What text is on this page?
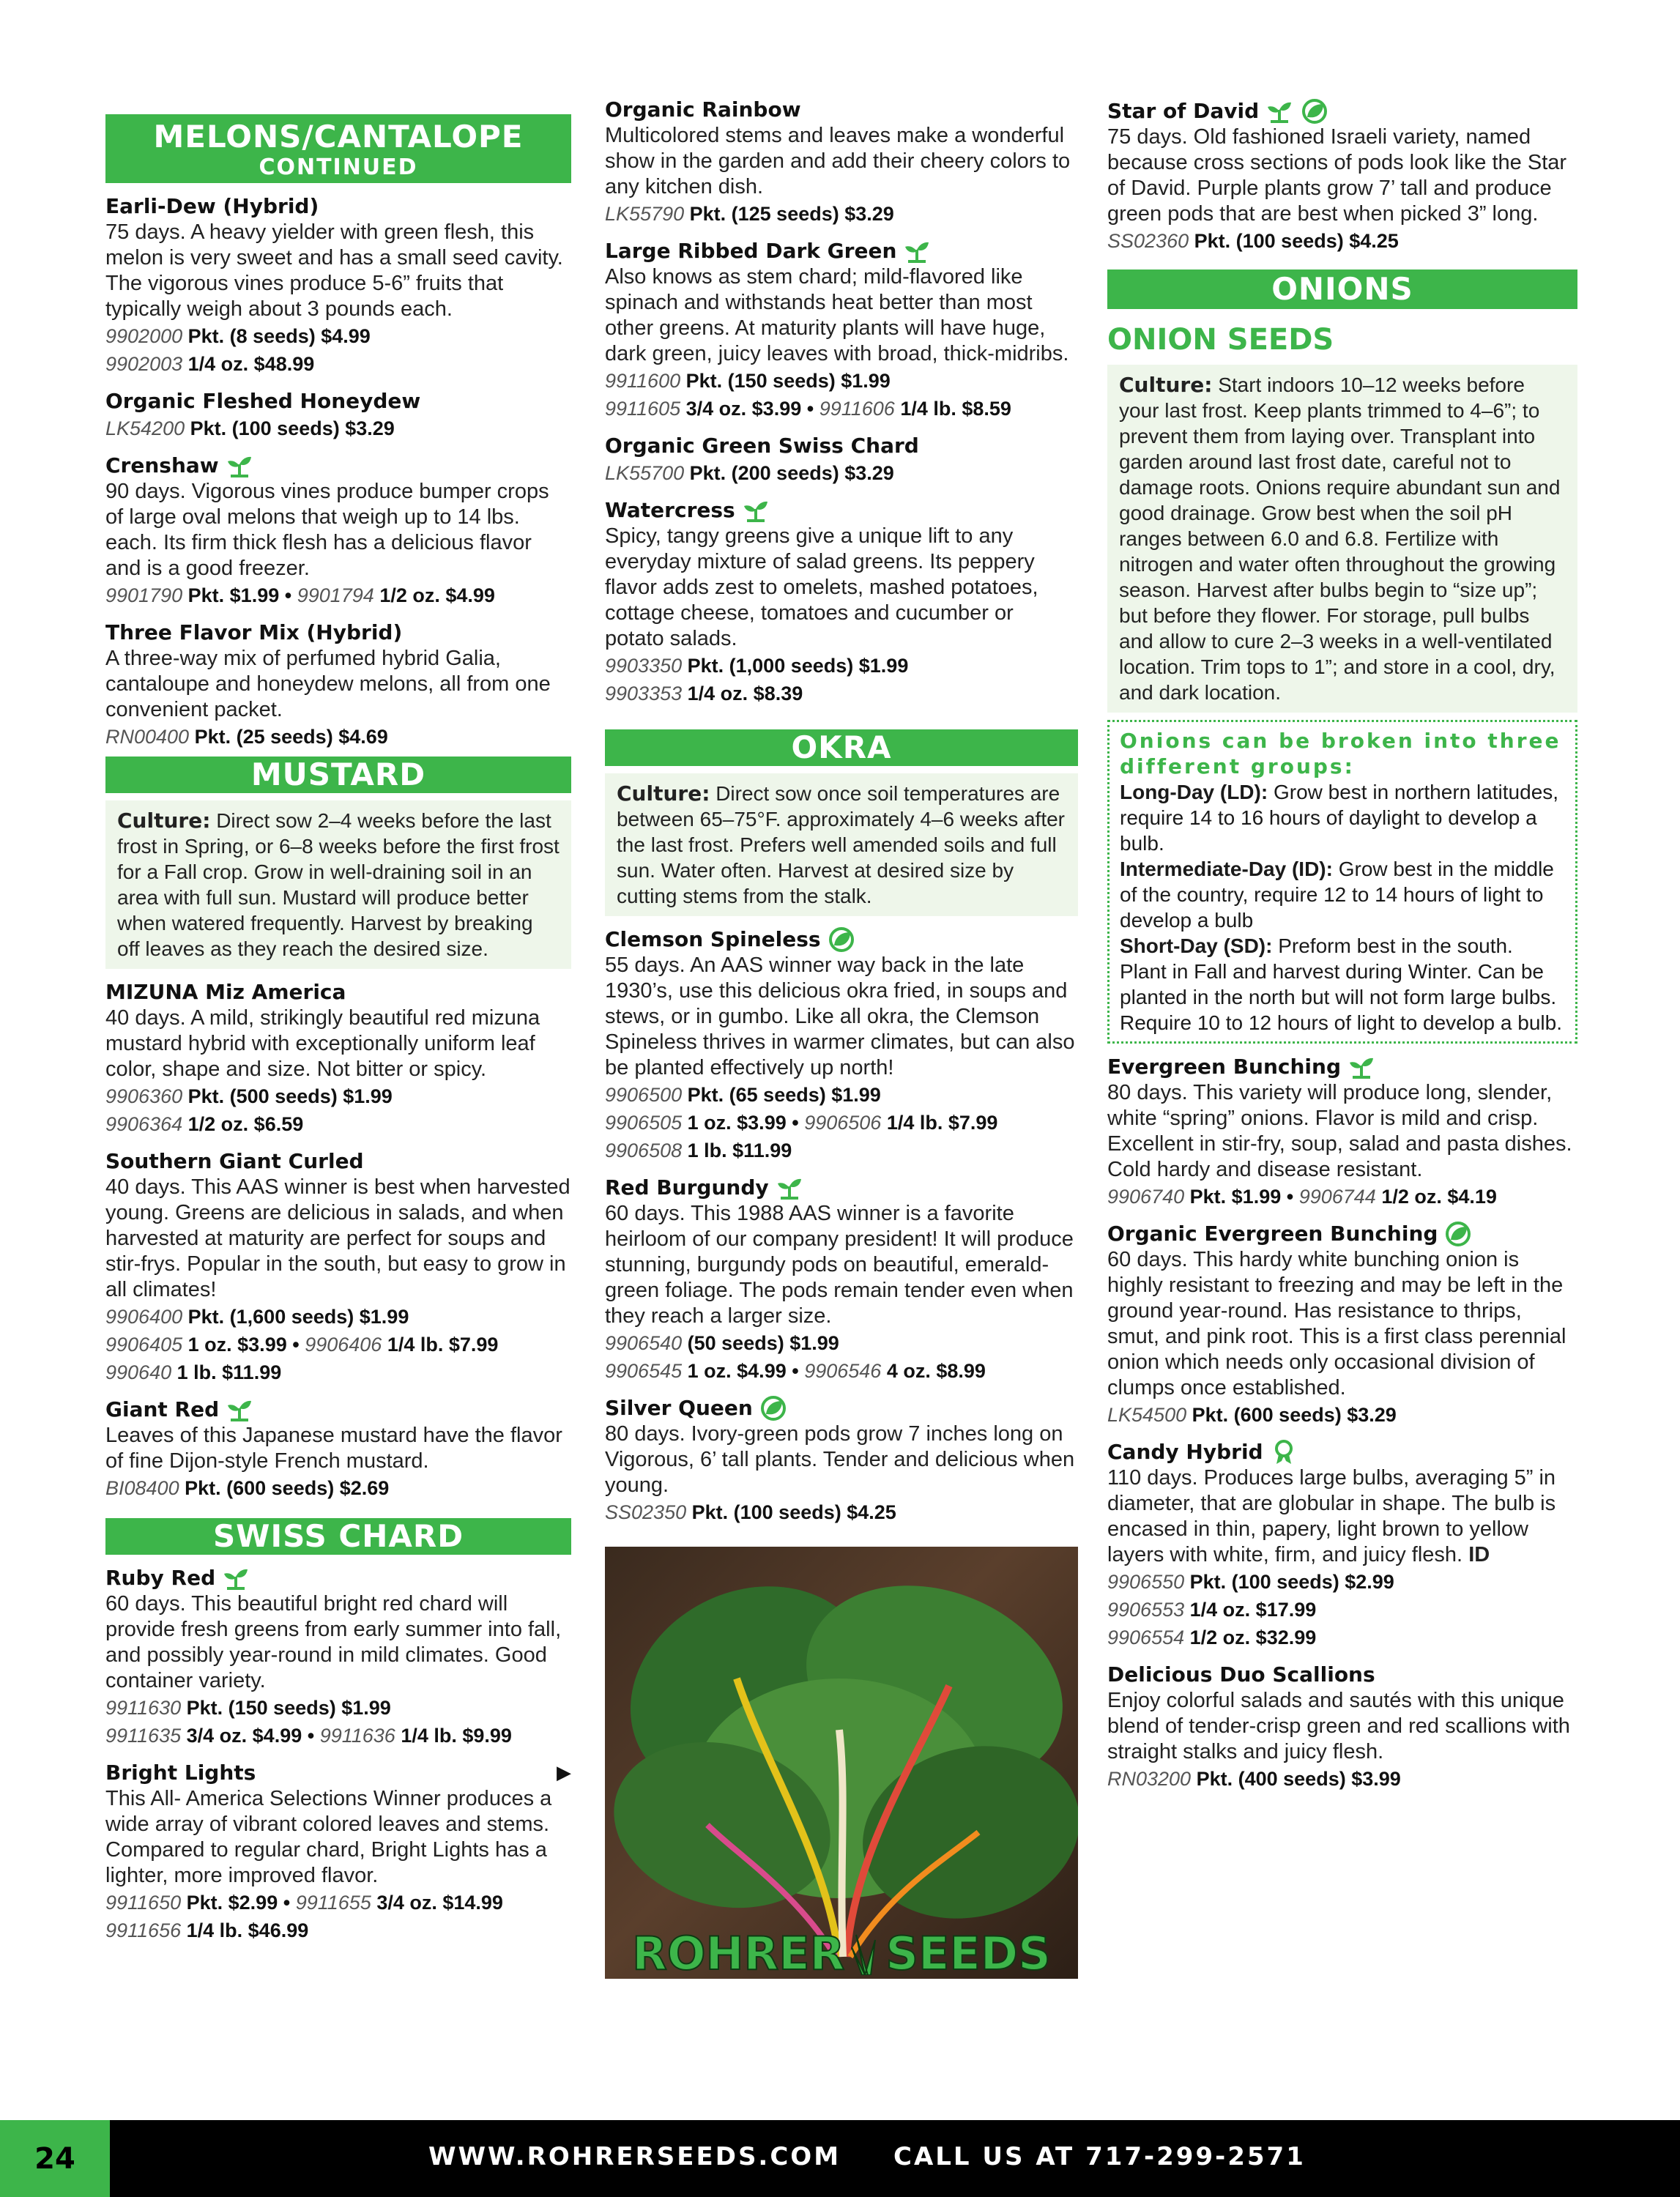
MELONS/CANTALOPE
CONTINUED
Earli-Dew (Hybrid)
75 days. A heavy yielder with green flesh, this melon is very sweet and has a small seed cavity. The vigorous vines produce 5-6” fruits that typically weigh about 3 pounds each.
9902000 Pkt. (8 seeds) $4.99
9902003 1/4 oz. $48.99
Organic Fleshed Honeydew
LK54200 Pkt. (100 seeds) $3.29
Crenshaw
90 days. Vigorous vines produce bumper crops of large oval melons that weigh up to 14 lbs. each. Its firm thick flesh has a delicious flavor and is a good freezer.
9901790 Pkt. $1.99 • 9901794 1/2 oz. $4.99
Three Flavor Mix (Hybrid)
A three-way mix of perfumed hybrid Galia, cantaloupe and honeydew melons, all from one convenient packet.
RN00400 Pkt. (25 seeds) $4.69
MUSTARD
Culture: Direct sow 2–4 weeks before the last frost in Spring, or 6–8 weeks before the first frost for a Fall crop. Grow in well-draining soil in an area with full sun. Mustard will produce better when watered frequently. Harvest by breaking off leaves as they reach the desired size.
MIZUNA Miz America
40 days. A mild, strikingly beautiful red mizuna mustard hybrid with exceptionally uniform leaf color, shape and size. Not bitter or spicy.
9906360 Pkt. (500 seeds) $1.99
9906364 1/2 oz. $6.59
Southern Giant Curled
40 days. This AAS winner is best when harvested young. Greens are delicious in salads, and when harvested at maturity are perfect for soups and stir-frys. Popular in the south, but easy to grow in all climates!
9906400 Pkt. (1,600 seeds) $1.99
9906405 1 oz. $3.99 • 9906406 1/4 lb. $7.99
990640 1 lb. $11.99
Giant Red
Leaves of this Japanese mustard have the flavor of fine Dijon-style French mustard.
BI08400 Pkt. (600 seeds) $2.69
SWISS CHARD
Ruby Red
60 days. This beautiful bright red chard will provide fresh greens from early summer into fall, and possibly year-round in mild climates. Good container variety.
9911630 Pkt. (150 seeds) $1.99
9911635 3/4 oz. $4.99 • 9911636 1/4 lb. $9.99
Bright Lights	▶
This All- America Selections Winner produces a wide array of vibrant colored leaves and stems. Compared to regular chard, Bright Lights has a lighter, more improved flavor.
9911650 Pkt. $2.99 • 9911655 3/4 oz. $14.99
9911656 1/4 lb. $46.99
Organic Rainbow
Multicolored stems and leaves make a wonderful show in the garden and add their cheery colors to any kitchen dish.
LK55790 Pkt. (125 seeds) $3.29
Large Ribbed Dark Green
Also knows as stem chard; mild-flavored like spinach and withstands heat better than most other greens. At maturity plants will have huge, dark green, juicy leaves with broad, thick-midribs.
9911600 Pkt. (150 seeds) $1.99
9911605 3/4 oz. $3.99 • 9911606 1/4 lb. $8.59
Organic Green Swiss Chard
LK55700 Pkt. (200 seeds) $3.29
Watercress
Spicy, tangy greens give a unique lift to any everyday mixture of salad greens. Its peppery flavor adds zest to omelets, mashed potatoes, cottage cheese, tomatoes and cucumber or potato salads.
9903350 Pkt. (1,000 seeds) $1.99
9903353 1/4 oz. $8.39
OKRA
Culture: Direct sow once soil temperatures are between 65–75°F. approximately 4–6 weeks after the last frost. Prefers well amended soils and full sun. Water often. Harvest at desired size by cutting stems from the stalk.
Clemson Spineless
55 days. An AAS winner way back in the late 1930’s, use this delicious okra fried, in soups and stews, or in gumbo. Like all okra, the Clemson Spineless thrives in warmer climates, but can also be planted effectively up north!
9906500 Pkt. (65 seeds) $1.99
9906505 1 oz. $3.99 • 9906506 1/4 lb. $7.99
9906508 1 lb. $11.99
Red Burgundy
60 days. This 1988 AAS winner is a favorite heirloom of our company president! It will produce stunning, burgundy pods on beautiful, emerald-green foliage. The pods remain tender even when they reach a larger size.
9906540 (50 seeds) $1.99
9906545 1 oz. $4.99 • 9906546 4 oz. $8.99
Silver Queen
80 days. Ivory-green pods grow 7 inches long on Vigorous, 6’ tall plants. Tender and delicious when young.
SS02350 Pkt. (100 seeds) $4.25
ROHRER SEEDS
Star of David
75 days. Old fashioned Israeli variety, named because cross sections of pods look like the Star of David. Purple plants grow 7’ tall and produce green pods that are best when picked 3” long.
SS02360 Pkt. (100 seeds) $4.25
ONIONS
ONION SEEDS
Culture: Start indoors 10–12 weeks before your last frost. Keep plants trimmed to 4–6”; to prevent them from laying over. Transplant into garden around last frost date, careful not to damage roots. Onions require abundant sun and good drainage. Grow best when the soil pH ranges between 6.0 and 6.8. Fertilize with nitrogen and water often throughout the growing season. Harvest after bulbs begin to “size up”; but before they flower. For storage, pull bulbs and allow to cure 2–3 weeks in a well-ventilated location. Trim tops to 1”; and store in a cool, dry, and dark location.
Onions can be broken into three different groups:
Long-Day (LD): Grow best in northern latitudes, require 14 to 16 hours of daylight to develop a bulb.
Intermediate-Day (ID): Grow best in the middle of the country, require 12 to 14 hours of light to develop a bulb
Short-Day (SD): Preform best in the south. Plant in Fall and harvest during Winter. Can be planted in the north but will not form large bulbs. Require 10 to 12 hours of light to develop a bulb.
Evergreen Bunching
80 days. This variety will produce long, slender, white “spring” onions. Flavor is mild and crisp. Excellent in stir-fry, soup, salad and pasta dishes. Cold hardy and disease resistant.
9906740 Pkt. $1.99 • 9906744 1/2 oz. $4.19
Organic Evergreen Bunching
60 days. This hardy white bunching onion is highly resistant to freezing and may be left in the ground year-round. Has resistance to thrips, smut, and pink root. This is a first class perennial onion which needs only occasional division of clumps once established.
LK54500 Pkt. (600 seeds) $3.29
Candy Hybrid
110 days. Produces large bulbs, averaging 5” in diameter, that are globular in shape. The bulb is encased in thin, papery, light brown to yellow layers with white, firm, and juicy flesh. ID
9906550 Pkt. (100 seeds) $2.99
9906553 1/4 oz. $17.99
9906554 1/2 oz. $32.99
Delicious Duo Scallions
Enjoy colorful salads and sautés with this unique blend of tender-crisp green and red scallions with straight stalks and juicy flesh.
RN03200 Pkt. (400 seeds) $3.99
24	WWW.ROHRERSEEDS.COM CALL US AT 717-299-2571
